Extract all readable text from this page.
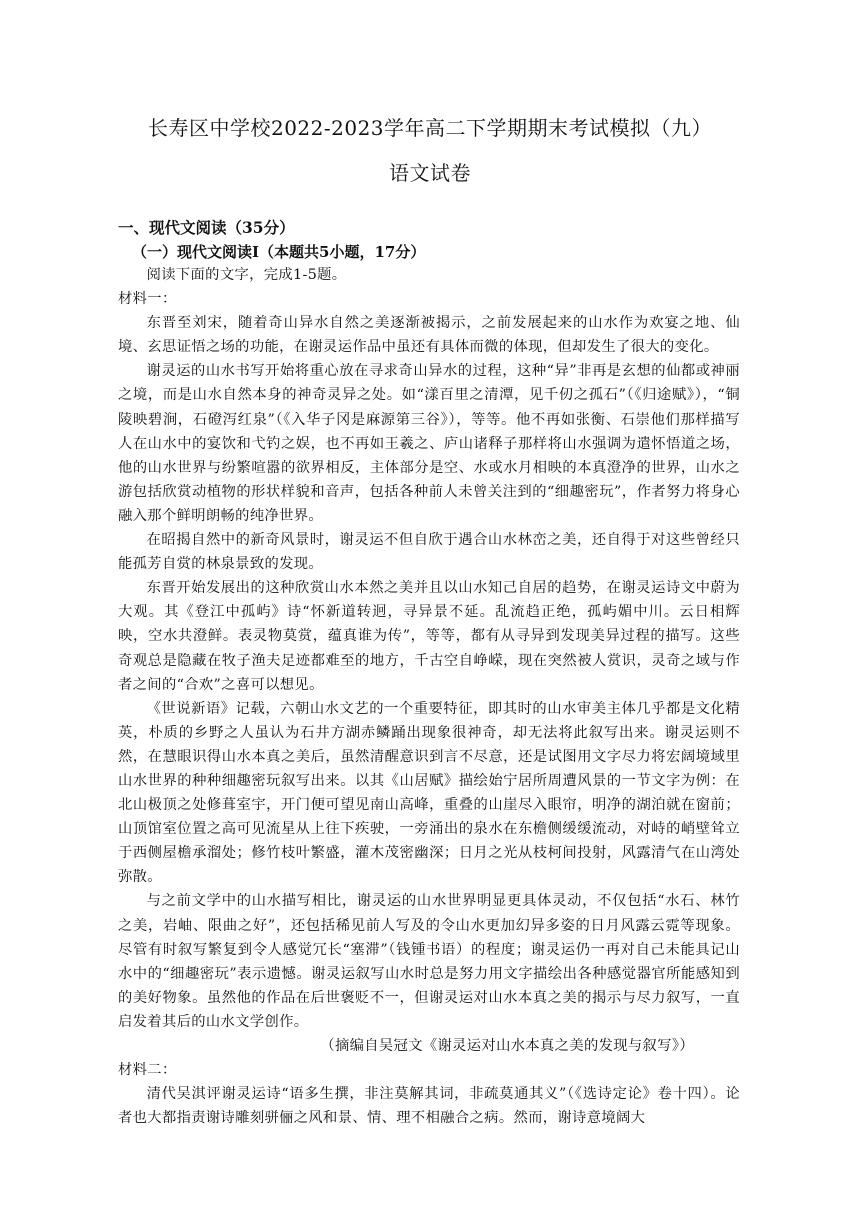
长寿区中学校2022-2023学年高二下学期期末考试模拟（九）
语文试卷
一、现代文阅读（35分）
（一）现代文阅读Ⅰ（本题共5小题，17分）

阅读下面的文字，完成1-5题。

材料一：

东晋至刘宋，随着奇山异水自然之美逐渐被揭示，之前发展起来的山水作为欢宴之地、仙境、玄思证悟之场的功能，在谢灵运作品中虽还有具体而微的体现，但却发生了很大的变化。

谢灵运的山水书写开始将重心放在寻求奇山异水的过程，这种“异”非再是玄想的仙都或神丽之境，而是山水自然本身的神奇灵异之处。如“漾百里之清潭，见千仞之孤石”（《归途赋》），“铜陵映碧涧，石磴泻红泉”（《入华子冈是麻源第三谷》），等等。他不再如张衡、石崇他们那样描写人在山水中的宴饮和弋钓之娱，也不再如王羲之、庐山诸释子那样将山水强调为遣怀悟道之场，他的山水世界与纷繁喧嚣的欲界相反，主体部分是空、水或水月相映的本真澄净的世界，山水之游包括欣赏动植物的形状样貌和音声，包括各种前人未曾关注到的“细趣密玩”，作者努力将身心融入那个鲜明朗畅的纯净世界。

在昭揭自然中的新奇风景时，谢灵运不但自欣于遇合山水林峦之美，还自得于对这些曾经只能孤芳自赏的林泉景致的发现。

东晋开始发展出的这种欣赏山水本然之美并且以山水知己自居的趋势，在谢灵运诗文中蔚为大观。其《登江中孤屿》诗“怀新道转迥，寻异景不延。乱流趋正绝，孤屿媚中川。云日相辉映，空水共澄鲜。表灵物莫赏，蕴真谁为传”，等等，都有从寻异到发现美异过程的描写。这些奇观总是隐藏在牧子渔夫足迹都难至的地方，千古空自峥嵘，现在突然被人赏识，灵奇之域与作者之间的“合欢”之喜可以想见。

《世说新语》记载，六朝山水文艺的一个重要特征，即其时的山水审美主体几乎都是文化精英，朴质的乡野之人虽认为石井方湖赤鳞踊出现象很神奇，却无法将此叙写出来。谢灵运则不然，在慧眼识得山水本真之美后，虽然清醒意识到言不尽意，还是试图用文字尽力将宏阔境域里山水世界的种种细趣密玩叙写出来。以其《山居赋》描绘始宁居所周遭风景的一节文字为例：在北山极顶之处修葺室宇，开门便可望见南山高峰，重叠的山崖尽入眼帘，明净的湖泊就在窗前；山顶馆室位置之高可见流星从上往下疾驶，一旁涌出的泉水在东檐侧缓缓流动，对峙的峭壁耸立于西侧屋檐承溜处；修竹枝叶繁盛，灌木茂密幽深；日月之光从枝柯间投射，风露清气在山湾处弥散。

与之前文学中的山水描写相比，谢灵运的山水世界明显更具体灵动，不仅包括“水石、林竹之美，岩岫、限曲之好”，还包括稀见前人写及的令山水更加幻异多姿的日月风露云霓等现象。尽管有时叙写繁复到令人感觉冗长“塞滞”（钱锺书语）的程度；谢灵运仍一再对自己未能具记山水中的“细趣密玩”表示遗憾。谢灵运叙写山水时总是努力用文字描绘出各种感觉器官所能感知到的美好物象。虽然他的作品在后世褒贬不一，但谢灵运对山水本真之美的揭示与尽力叙写，一直启发着其后的山水文学创作。

（摘编自吴冠文《谢灵运对山水本真之美的发现与叙写》）

材料二：

清代吴淇评谢灵运诗“语多生撰，非注莫解其词，非疏莫通其义”（《选诗定论》卷十四）。论者也大都指责谢诗雕刻骈俪之风和景、情、理不相融合之病。然而，谢诗意境阔大
